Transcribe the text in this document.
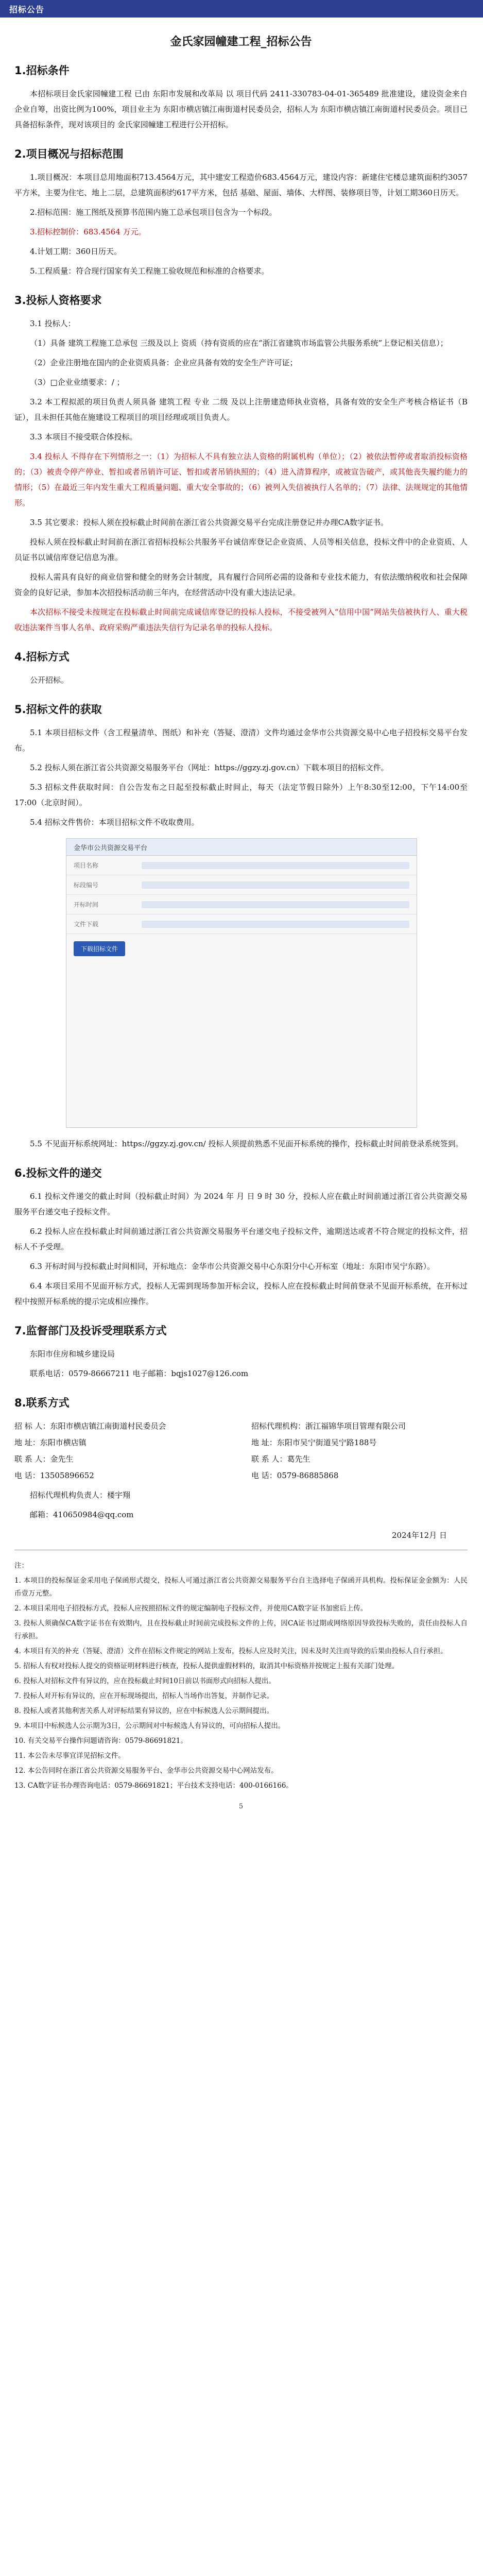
招标公告
金氏家园幢建工程_招标公告
1.招标条件

本招标项目金氏家园幢建工程 已由 东阳市发展和改革局 以 项目代码 2411-330783-04-01-365489 批准建设，建设资金来自企业自筹，出资比例为100%，项目业主为 东阳市横店镇江南街道村民委员会，招标人为 东阳市横店镇江南街道村民委员会。项目已具备招标条件，现对该项目的 金氏家园幢建工程进行公开招标。

2.项目概况与招标范围

1.项目概况：本项目总用地面积713.4564万元，其中建安工程造价683.4564万元，建设内容：新建住宅楼总建筑面积约3057平方米，主要为住宅、地上二层，总建筑面积约617平方米，包括 基础、屋面、墙体、大样图、装修项目等，计划工期360日历天。

2.招标范围：施工图纸及预算书范围内施工总承包项目包含为一个标段。

3.招标控制价：683.4564 万元。

4.计划工期：360日历天。

5.工程质量：符合现行国家有关工程施工验收规范和标准的合格要求。

3.投标人资格要求

3.1 投标人：

（1）具备 建筑工程施工总承包 三级及以上 资质（持有资质的应在“浙江省建筑市场监管公共服务系统”上登记相关信息）；

（2）企业注册地在国内的企业资质具备：企业应具备有效的安全生产许可证；

（3）□企业业绩要求：/ ；

3.2 本工程拟派的项目负责人须具备 建筑工程 专业 二级 及以上注册建造师执业资格，具备有效的安全生产考核合格证书（B证），且未担任其他在施建设工程项目的项目经理或项目负责人。

3.3 本项目不接受联合体投标。

3.4 投标人 不得存在下列情形之一：（1）为招标人不具有独立法人资格的附属机构（单位）；（2）被依法暂停或者取消投标资格的；（3）被责令停产停业、暂扣或者吊销许可证、暂扣或者吊销执照的；（4）进入清算程序，或被宣告破产，或其他丧失履约能力的情形；（5）在最近三年内发生重大工程质量问题、重大安全事故的；（6）被列入失信被执行人名单的；（7）法律、法规规定的其他情形。

3.5 其它要求：投标人须在投标截止时间前在浙江省公共资源交易平台完成注册登记并办理CA数字证书。

投标人须在投标截止时间前在浙江省招标投标公共服务平台诚信库登记企业资质、人员等相关信息，投标文件中的企业资质、人员证书以诚信库登记信息为准。

投标人需具有良好的商业信誉和健全的财务会计制度，具有履行合同所必需的设备和专业技术能力，有依法缴纳税收和社会保障资金的良好记录，参加本次招投标活动前三年内，在经营活动中没有重大违法记录。

本次招标不接受未按规定在投标截止时间前完成诚信库登记的投标人投标，不接受被列入“信用中国”网站失信被执行人、重大税收违法案件当事人名单、政府采购严重违法失信行为记录名单的投标人投标。

4.招标方式

公开招标。

5.招标文件的获取

5.1 本项目招标文件（含工程量清单、图纸）和补充（答疑、澄清）文件均通过金华市公共资源交易中心电子招投标交易平台发布。

5.2 投标人须在浙江省公共资源交易服务平台（网址：https://ggzy.zj.gov.cn）下载本项目的招标文件。

5.3 招标文件获取时间：自公告发布之日起至投标截止时间止，每天（法定节假日除外）上午8:30至12:00，下午14:00至17:00（北京时间）。

5.4 招标文件售价：本项目招标文件不收取费用。

金华市公共资源交易平台
项目名称
标段编号
开标时间
文件下载
下载招标文件

5.5 不见面开标系统网址：https://ggzy.zj.gov.cn/ 投标人须提前熟悉不见面开标系统的操作，投标截止时间前登录系统签到。

6.投标文件的递交

6.1 投标文件递交的截止时间（投标截止时间）为 2024 年 月 日 9 时 30 分，投标人应在截止时间前通过浙江省公共资源交易服务平台递交电子投标文件。

6.2 投标人应在投标截止时间前通过浙江省公共资源交易服务平台递交电子投标文件，逾期送达或者不符合规定的投标文件，招标人不予受理。

6.3 开标时间与投标截止时间相同，开标地点：金华市公共资源交易中心东阳分中心开标室（地址：东阳市吴宁东路）。

6.4 本项目采用不见面开标方式，投标人无需到现场参加开标会议，投标人应在投标截止时间前登录不见面开标系统，在开标过程中按照开标系统的提示完成相应操作。

7.监督部门及投诉受理联系方式

东阳市住房和城乡建设局

联系电话：0579-86667211 电子邮箱：bqjs1027@126.com

8.联系方式
招 标 人：东阳市横店镇江南街道村民委员会	招标代理机构：浙江福锦华项目管理有限公司
地 址：东阳市横店镇	地 址：东阳市吴宁街道吴宁路188号
联 系 人：金先生	联 系 人：葛先生
电 话：13505896652	电 话：0579-86885868

招标代理机构负责人：楼宇翔

邮箱：410650984@qq.com

2024年12月 日

注：

1. 本项目的投标保证金采用电子保函形式提交，投标人可通过浙江省公共资源交易服务平台自主选择电子保函开具机构。投标保证金金额为：人民币壹万元整。

2. 本项目采用电子招投标方式，投标人应按照招标文件的规定编制电子投标文件，并使用CA数字证书加密后上传。

3. 投标人须确保CA数字证书在有效期内，且在投标截止时间前完成投标文件的上传，因CA证书过期或网络原因导致投标失败的，责任由投标人自行承担。

4. 本项目有关的补充（答疑、澄清）文件在招标文件规定的网站上发布，投标人应及时关注，因未及时关注而导致的后果由投标人自行承担。

5. 招标人有权对投标人提交的资格证明材料进行核查，投标人提供虚假材料的，取消其中标资格并按规定上报有关部门处理。

6. 投标人对招标文件有异议的，应在投标截止时间10日前以书面形式向招标人提出。

7. 投标人对开标有异议的，应在开标现场提出，招标人当场作出答复，并制作记录。

8. 投标人或者其他利害关系人对评标结果有异议的，应在中标候选人公示期间提出。

9. 本项目中标候选人公示期为3日，公示期间对中标候选人有异议的，可向招标人提出。

10. 有关交易平台操作问题请咨询：0579-86691821。

11. 本公告未尽事宜详见招标文件。

12. 本公告同时在浙江省公共资源交易服务平台、金华市公共资源交易中心网站发布。

13. CA数字证书办理咨询电话：0579-86691821；平台技术支持电话：400-0166166。

5
